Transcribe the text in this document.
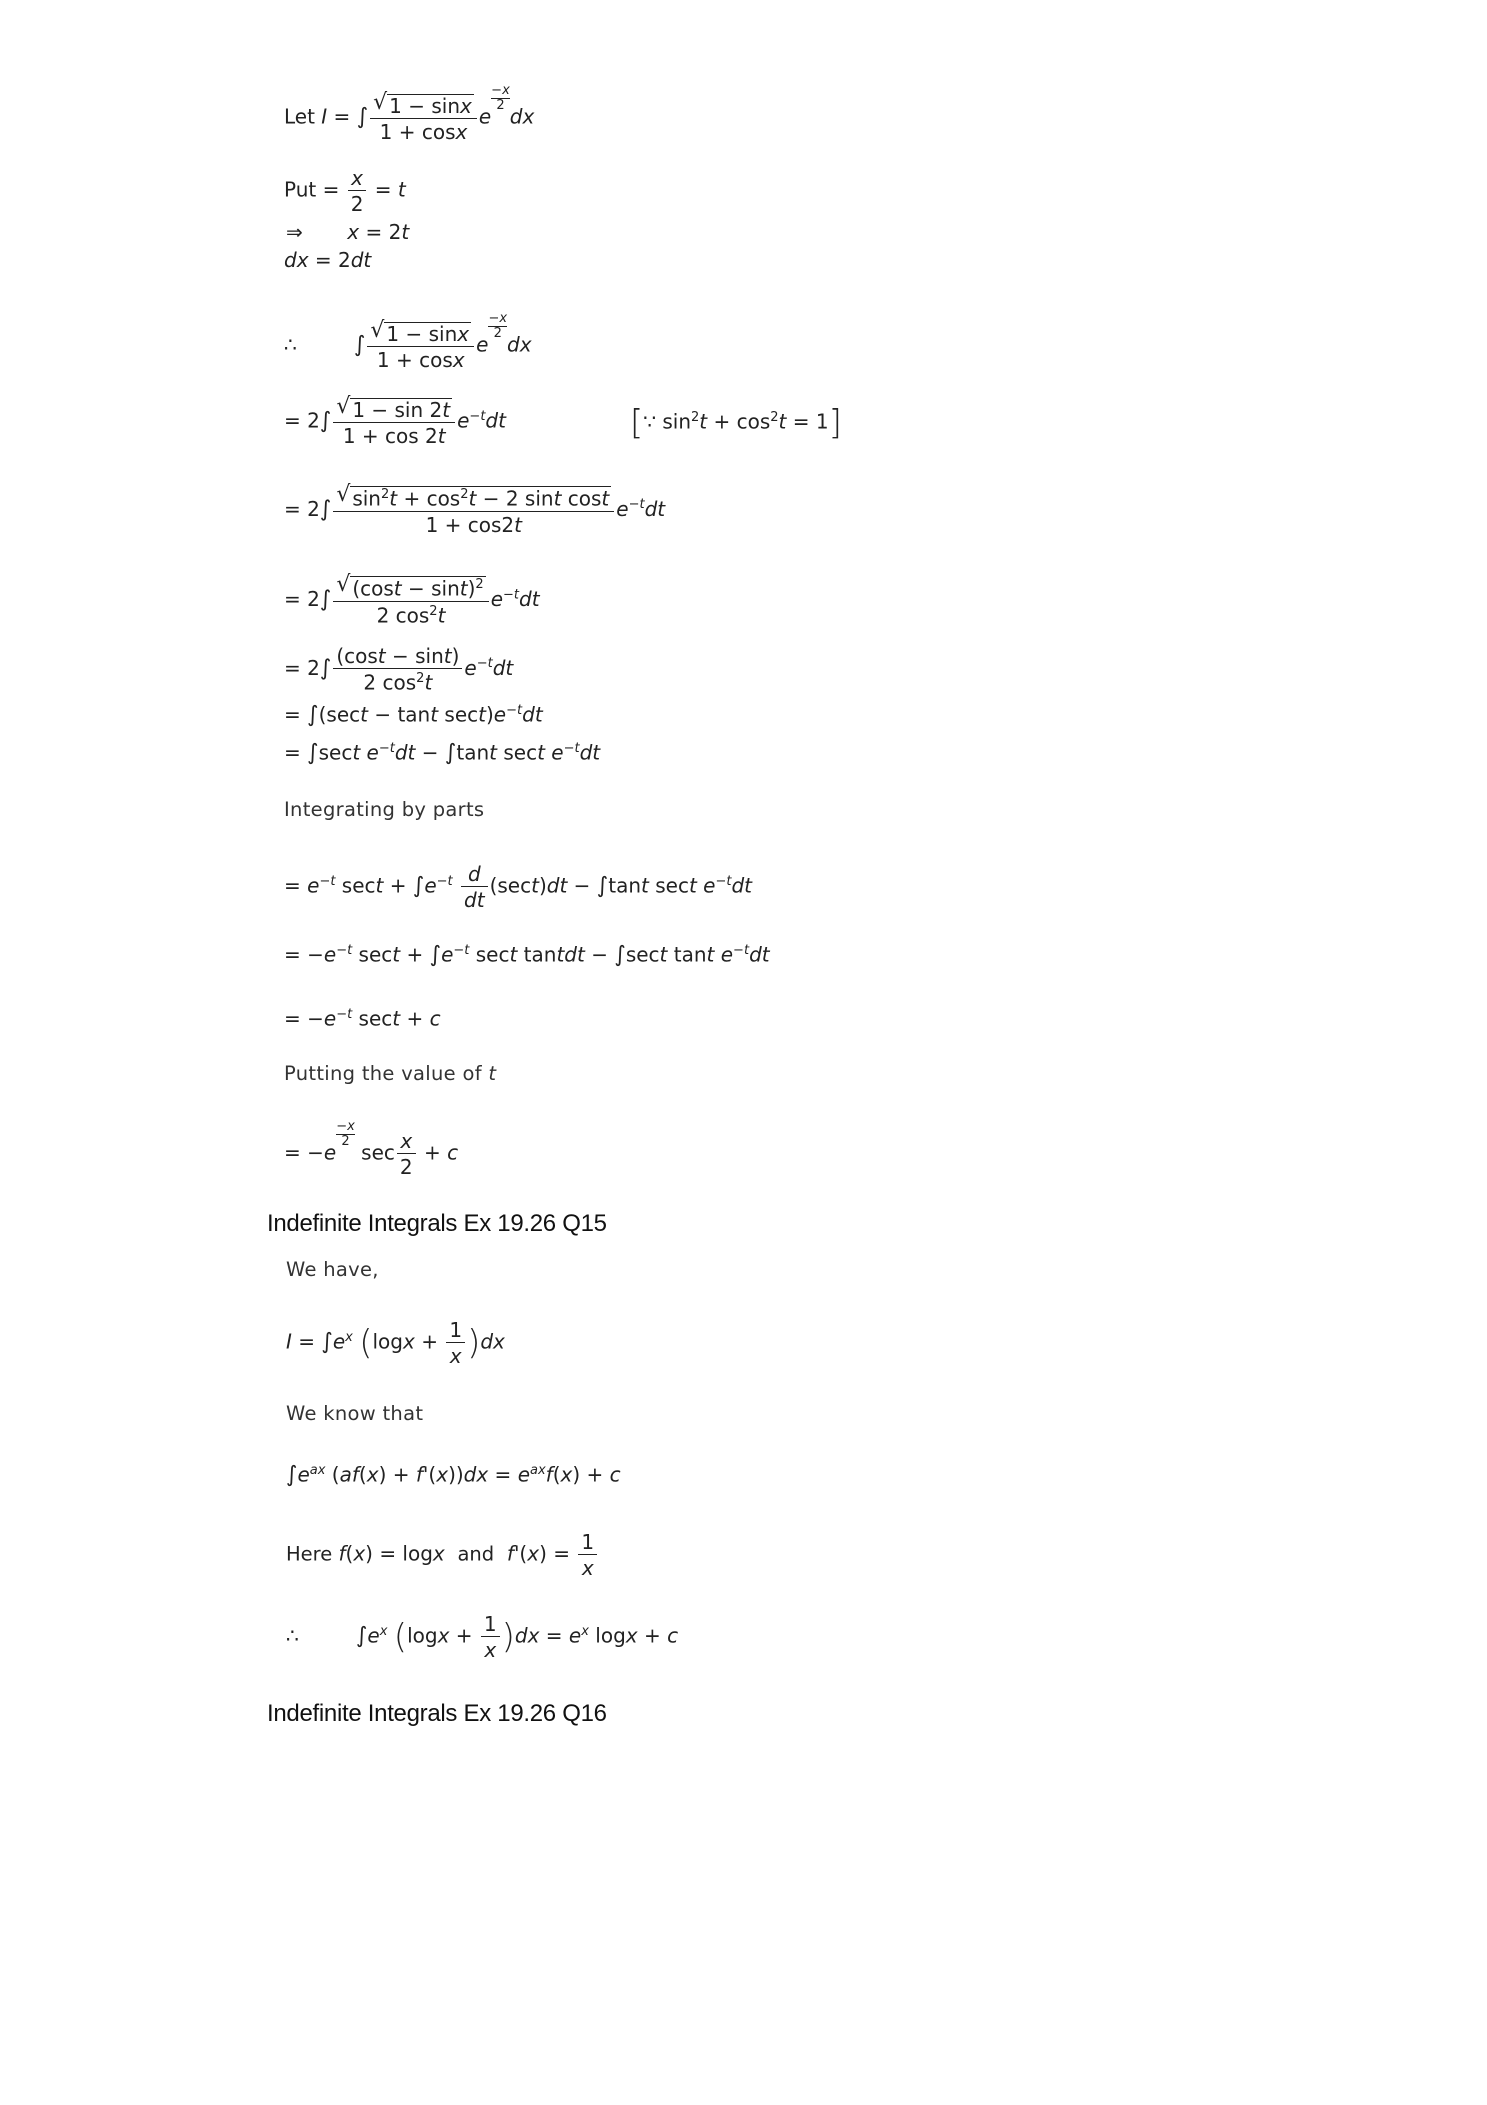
Let I = ∫ √ $\frac{1 - \sin x}{1 + \cos x}$ e
$\frac{-x}{2}$
dx
Put = $\frac{x}{2} = t$
⇒ x = 2t
dx = 2dt
∴	∫ √ $\frac{1 - \sin x}{1 + \cos x}$ e
$\frac{-x}{2}$
dx
= 2∫ √ $\frac{1 - \sin 2t}{1 + \cos 2t} e^{-t}dt$	[∵ $\sin^2t + \cos^2t = 1$]
= 2∫ √ $\frac{\sin^2t + \cos^2t - 2 \sin t \cos t}{1 + \cos 2t} e^{-t}dt$
= 2∫ √ $\frac{(\cos t - \sin t)^2}{2 \cos^2t} e^{-t}dt$
= $2\int \frac{(\cos t - \sin t)}{2 \cos^2t} e^{-t}dt$
= ∫(sect − tant $\sec t)e^{-t}dt$
= ∫sect $e^{-t}dt - \int\tan t$ sect $e^{-t}dt$
Integrating by parts
= $e^{-t}$ $\sec t + \int e^{-t} \frac{d}{dt} (\sec t)dt - \int\tan t$ sect $e^{-t}dt$
= $-e^{-t}$ $\sec t + \int e^{-t}$ sect tantdt − ∫sect tant $e^{-t}dt$
= $-e^{-t}$ sect + c
Putting the value of t
= −e
$\frac{-x}{2}$
$\sec \frac{x}{2} + c$
Indefinite Integrals Ex 19.26 Q15
We have,
$I = \int e^x$ $(\log x + \frac{1}{x} )dx$
We know that
$\int e^{ax}$ $(af(x) + f'(x))dx = e^{ax}f(x) + c$
Here f(x) = logx and $f'(x) = \frac{1}{x}$
∴	$\int e^x$ $(\log x + \frac{1}{x} )dx = e^x$ logx + c
Indefinite Integrals Ex 19.26 Q16
